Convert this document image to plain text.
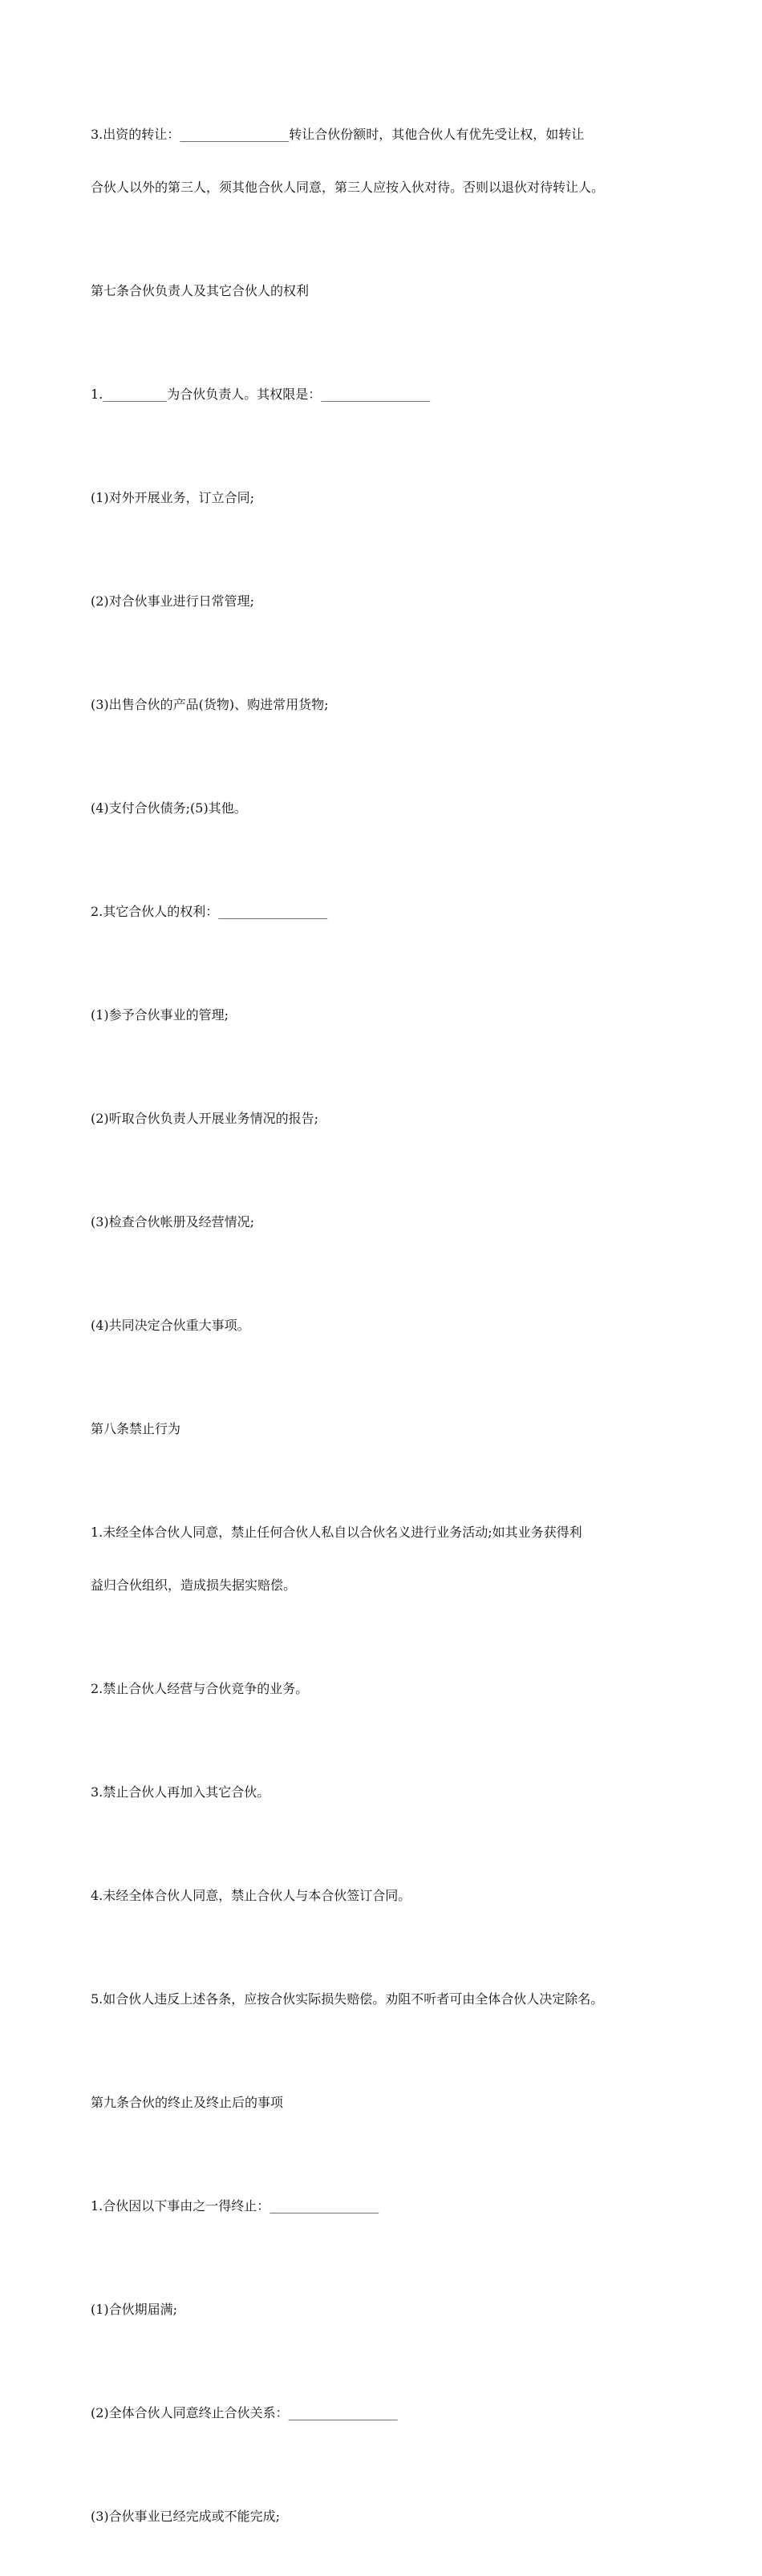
3.出资的转让：_________________转让合伙份额时，其他合伙人有优先受让权，如转让

合伙人以外的第三人，须其他合伙人同意，第三人应按入伙对待。否则以退伙对待转让人。

第七条合伙负责人及其它合伙人的权利

1.__________为合伙负责人。其权限是：_________________

(1)对外开展业务，订立合同;

(2)对合伙事业进行日常管理;

(3)出售合伙的产品(货物)、购进常用货物;

(4)支付合伙债务;(5)其他。

2.其它合伙人的权利：_________________

(1)参予合伙事业的管理;

(2)听取合伙负责人开展业务情况的报告;

(3)检查合伙帐册及经营情况;

(4)共同决定合伙重大事项。

第八条禁止行为

1.未经全体合伙人同意，禁止任何合伙人私自以合伙名义进行业务活动;如其业务获得利

益归合伙组织，造成损失据实赔偿。

2.禁止合伙人经营与合伙竞争的业务。

3.禁止合伙人再加入其它合伙。

4.未经全体合伙人同意，禁止合伙人与本合伙签订合同。

5.如合伙人违反上述各条，应按合伙实际损失赔偿。劝阻不听者可由全体合伙人决定除名。

第九条合伙的终止及终止后的事项

1.合伙因以下事由之一得终止：_________________

(1)合伙期届满;

(2)全体合伙人同意终止合伙关系：_________________

(3)合伙事业已经完成或不能完成;
